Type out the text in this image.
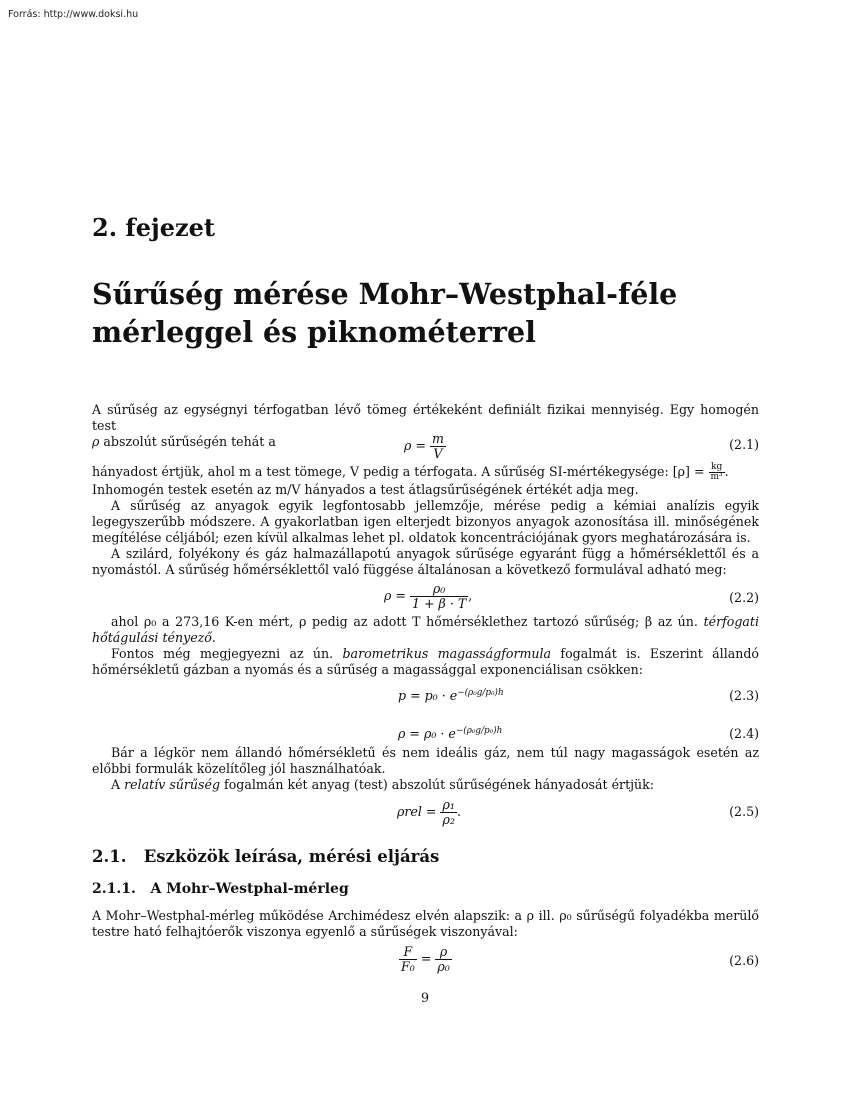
Forrás: http://www.doksi.hu
2. fejezet
Sűrűség mérése Mohr–Westphal-féle
mérleggel és piknométerrel

A sűrűség az egységnyi térfogatban lévő tömeg értékeként definiált fizikai mennyiség. Egy homogén test

ρ abszolút sűrűségén tehát a	$\rho = \frac{m}{V}$	(2.1)

hányadost értjük, ahol m a test tömege, V pedig a térfogata. A sűrűség SI-mértékegysége: $[\rho] = \frac{kg}{\text{m³}}$ .

Inhomogén testek esetén az m/V hányados a test átlagsűrűségének értékét adja meg.

A sűrűség az anyagok egyik legfontosabb jellemzője, mérése pedig a kémiai analízis egyik legegyszerűbb módszere. A gyakorlatban igen elterjedt bizonyos anyagok azonosítása ill. minőségének megítélése céljából; ezen kívül alkalmas lehet pl. oldatok koncentrációjának gyors meghatározására is.

A szilárd, folyékony és gáz halmazállapotú anyagok sűrűsége egyaránt függ a hőmérséklettől és a nyomástól. A sűrűség hőmérséklettől való függése általánosan a következő formulával adható meg:

$\rho = \frac{\text{ρ₀}}{1 + \beta \cdot T}$ ,	(2.2)

ahol ρ₀ a 273,16 K-en mért, ρ pedig az adott T hőmérséklethez tartozó sűrűség; β az ún. térfogati hőtágulási tényező.

Fontos még megjegyezni az ún. barometrikus magasságformula fogalmát is. Eszerint állandó hőmérsékletű gázban a nyomás és a sűrűség a magassággal exponenciálisan csökken:

$p = p_0 \cdot e^{-(\rho_0g/p_0)h}$	(2.3)
$\rho = \rho_0 \cdot e^{-(\rho_0g/p_0)h}$	(2.4)

Bár a légkör nem állandó hőmérsékletű és nem ideális gáz, nem túl nagy magasságok esetén az előbbi formulák közelítőleg jól használhatóak.

A relatív sűrűség fogalmán két anyag (test) abszolút sűrűségének hányadosát értjük:

$\rho rel = \frac{\text{ρ₁}}{\text{ρ₂}}$ .	(2.5)
2.1. Eszközök leírása, mérési eljárás
2.1.1. A Mohr–Westphal-mérleg

A Mohr–Westphal-mérleg működése Archimédesz elvén alapszik: a ρ ill. ρ₀ sűrűségű folyadékba merülő testre ható felhajtóerők viszonya egyenlő a sűrűségek viszonyával:

$\frac{F}{\text{F₀}} = \frac{\rho}{\text{ρ₀}}$	(2.6)
9
